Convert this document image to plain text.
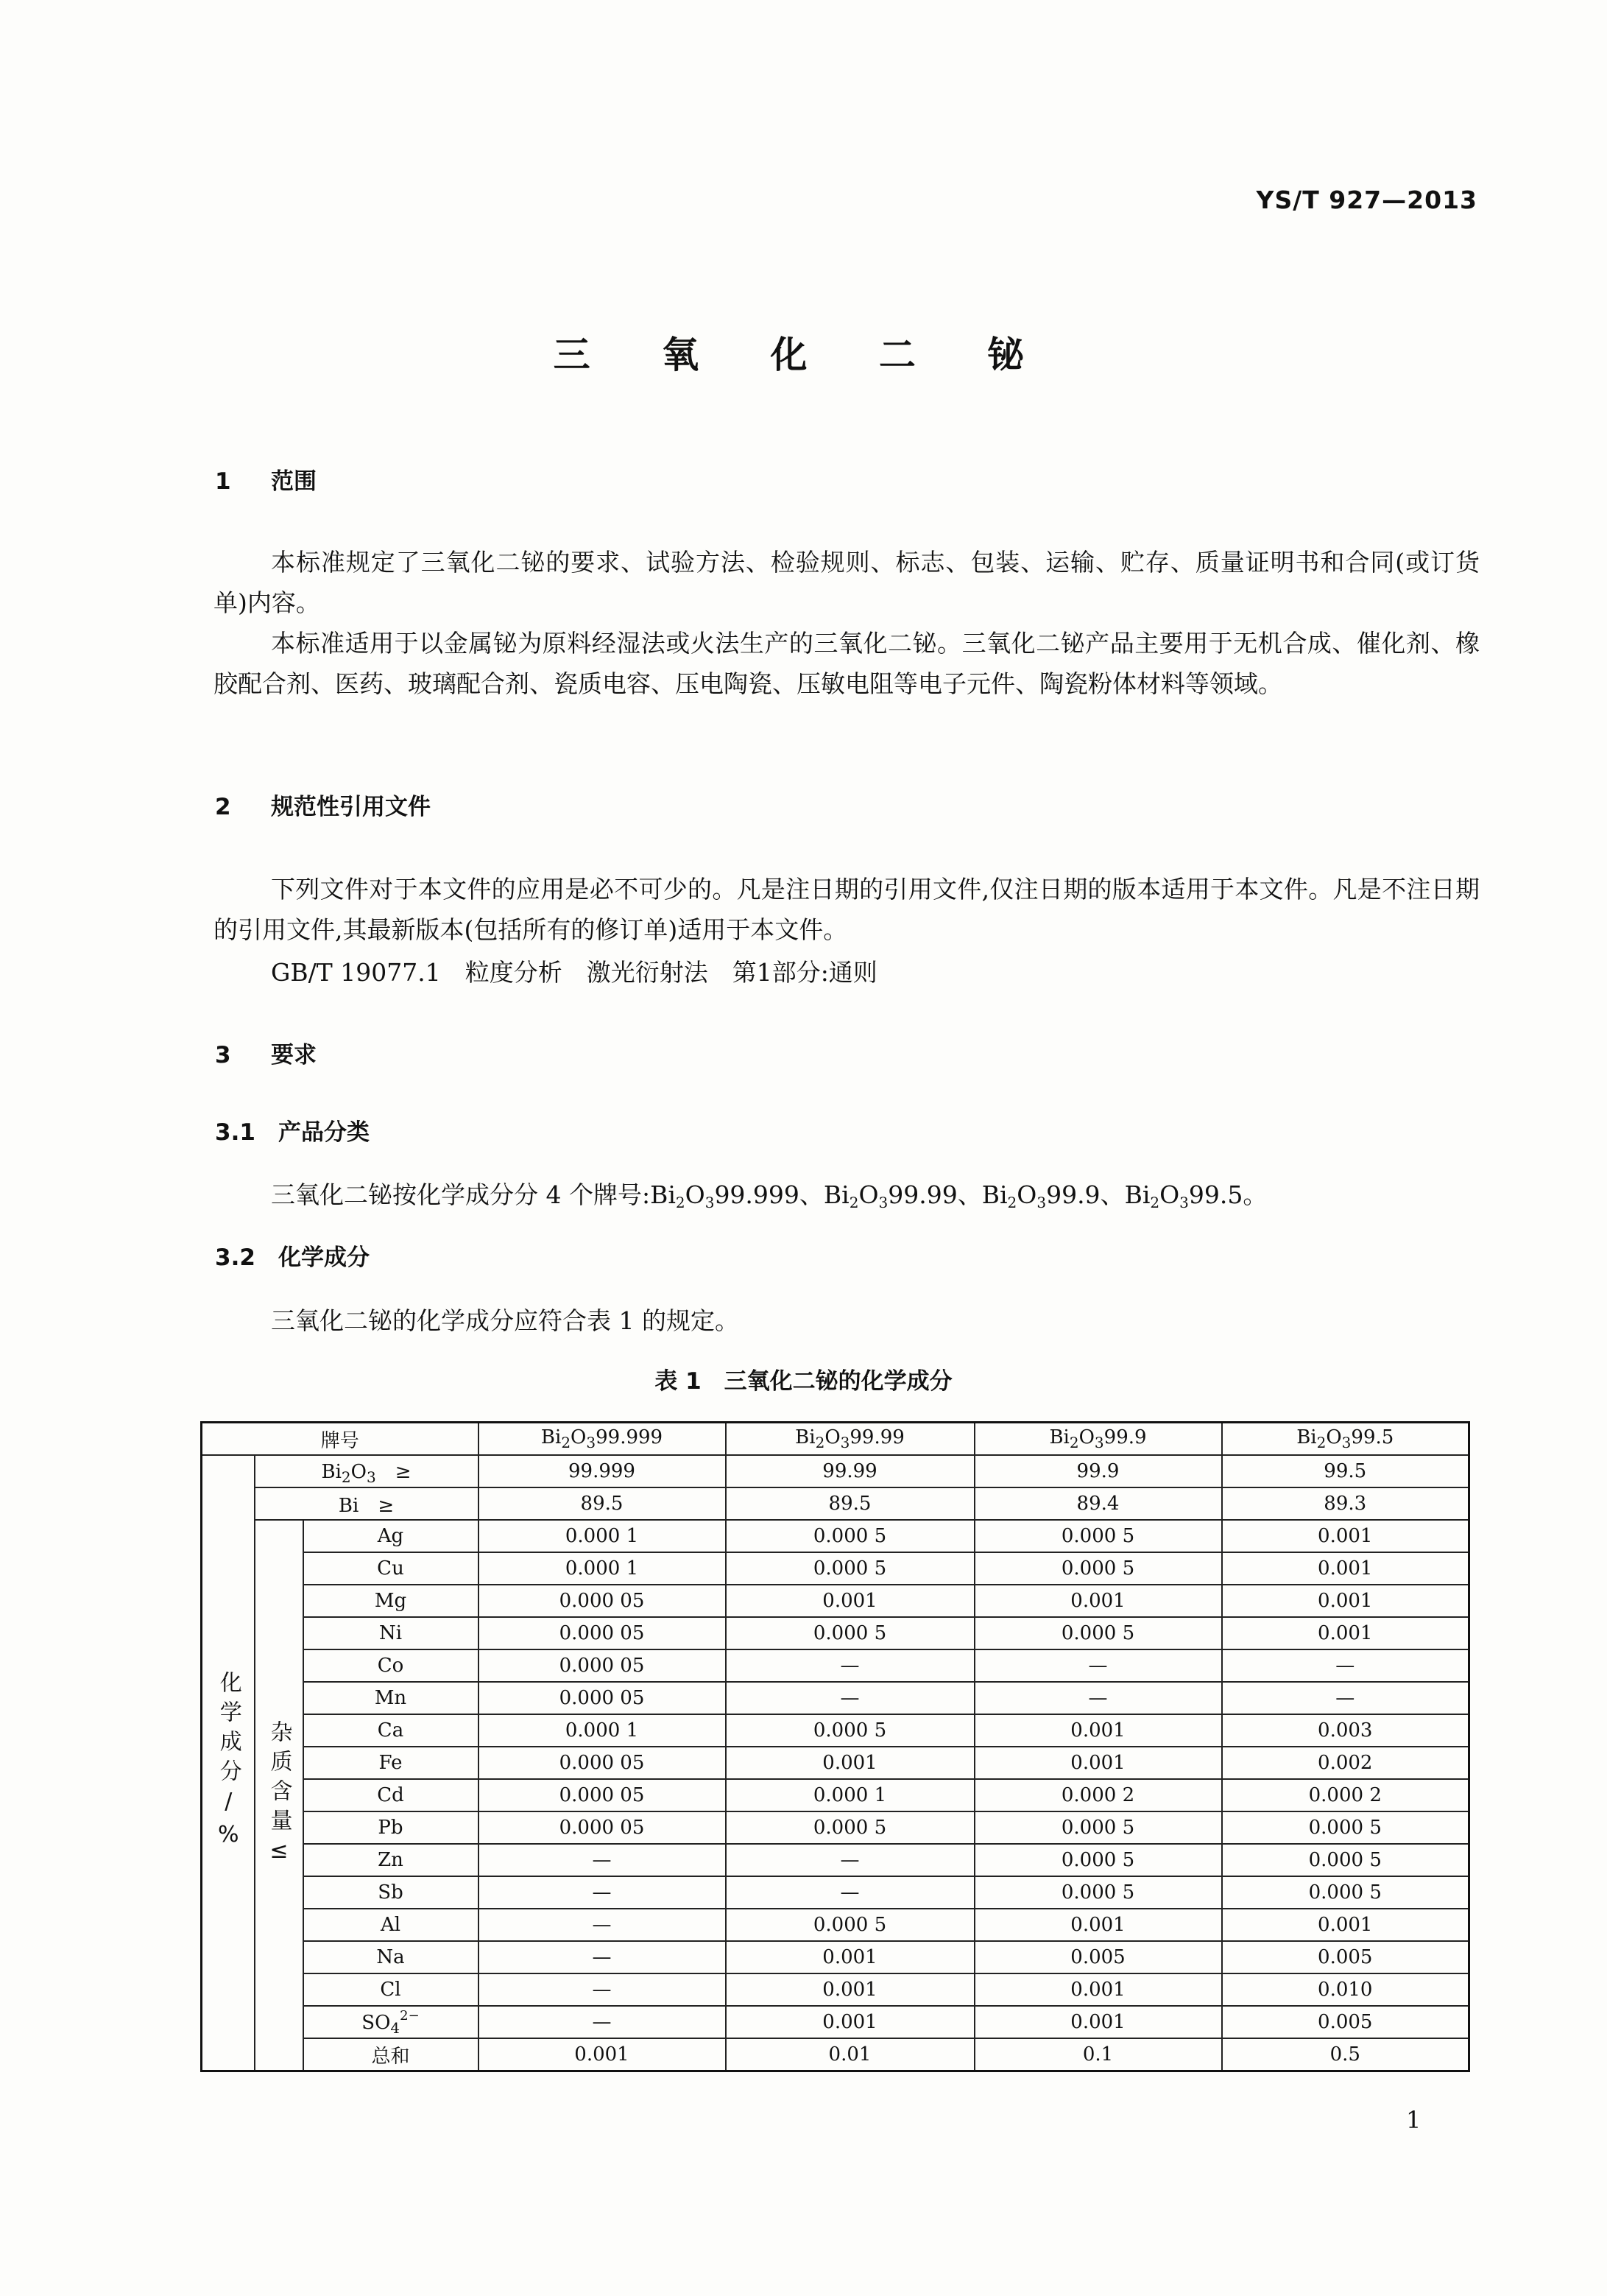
YS/T 927—2013
三 氧 化 二 铋
1 范围

本标准规定了三氧化二铋的要求、试验方法、检验规则、标志、包装、运输、贮存、质量证明书和合同(或订货单)内容。

本标准适用于以金属铋为原料经湿法或火法生产的三氧化二铋。三氧化二铋产品主要用于无机合成、催化剂、橡胶配合剂、医药、玻璃配合剂、瓷质电容、压电陶瓷、压敏电阻等电子元件、陶瓷粉体材料等领域。

2 规范性引用文件

下列文件对于本文件的应用是必不可少的。凡是注日期的引用文件,仅注日期的版本适用于本文件。凡是不注日期的引用文件,其最新版本(包括所有的修订单)适用于本文件。

GB/T 19077.1　粒度分析　激光衍射法　第1部分:通则
3 要求
3.1 产品分类
三氧化二铋按化学成分分 4 个牌号$:Bi_2O_399.999$、$Bi_2O_399.99$、$Bi_2O_399.9$、$Bi_2O_399.5$。
3.2 化学成分
三氧化二铋的化学成分应符合表 1 的规定。
表 1　三氧化二铋的化学成分
牌号			$Bi_2O_399.999$	$Bi_2O_399.99$	$Bi_2O_399.9$	$Bi_2O_399.5$
化学成分/%	$Bi_2O_3$　 ≥		99.999	99.99	99.9	99.5
	Bi　≥		89.5	89.5	89.4	89.3
	杂质含量≤	Ag	0.000 1	0.000 5	0.000 5	0.001
		Cu	0.000 1	0.000 5	0.000 5	0.001
		Mg	0.000 05	0.001	0.001	0.001
		Ni	0.000 05	0.000 5	0.000 5	0.001
		Co	0.000 05	—	—	—
		Mn	0.000 05	—	—	—
		Ca	0.000 1	0.000 5	0.001	0.003
		Fe	0.000 05	0.001	0.001	0.002
		Cd	0.000 05	0.000 1	0.000 2	0.000 2
		Pb	0.000 05	0.000 5	0.000 5	0.000 5
		Zn	—	—	0.000 5	0.000 5
		Sb	—	—	0.000 5	0.000 5
		Al	—	0.000 5	0.001	0.001
		Na	—	0.001	0.005	0.005
		Cl	—	0.001	0.001	0.010
		$SO_4^{2-}$	—	0.001	0.001	0.005
		总和	0.001	0.01	0.1	0.5
1
